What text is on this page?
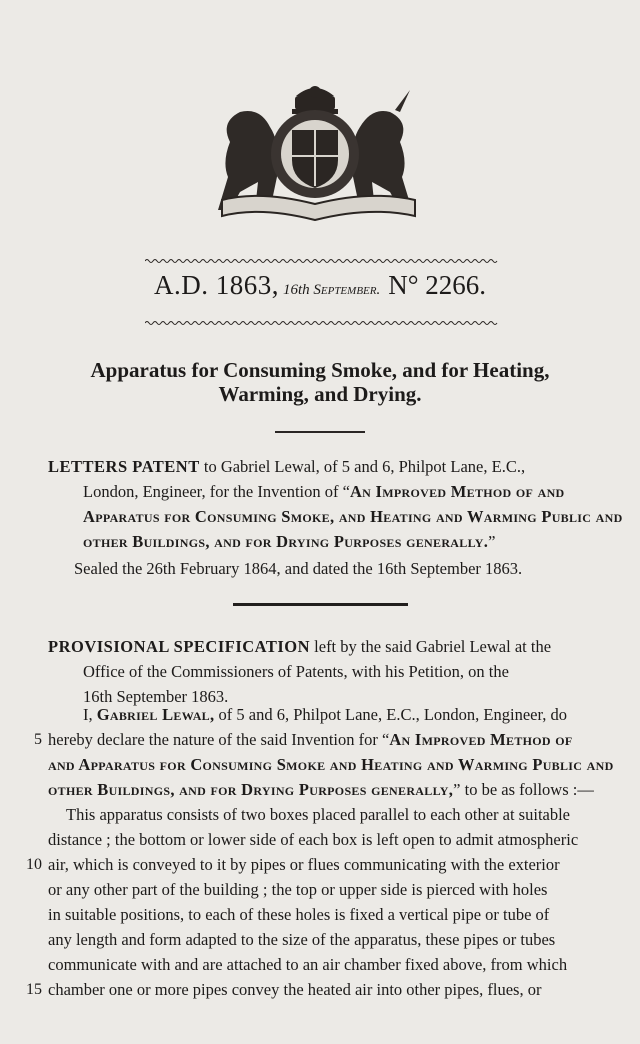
A.D. 1863, 16th September. N° 2266.
Apparatus for Consuming Smoke, and for Heating,
Warming, and Drying.
LETTERS PATENT to Gabriel Lewal, of 5 and 6, Philpot Lane, E.C.,
London, Engineer, for the Invention of “An Improved Method of and
Apparatus for Consuming Smoke, and Heating and Warming Public and
other Buildings, and for Drying Purposes generally.”
Sealed the 26th February 1864, and dated the 16th September 1863.
PROVISIONAL SPECIFICATION left by the said Gabriel Lewal at the
Office of the Commissioners of Patents, with his Petition, on the
16th September 1863.
I, Gabriel Lewal, of 5 and 6, Philpot Lane, E.C., London, Engineer, do
5 hereby declare the nature of the said Invention for “An Improved Method of
and Apparatus for Consuming Smoke and Heating and Warming Public and
other Buildings, and for Drying Purposes generally,” to be as follows :—
This apparatus consists of two boxes placed parallel to each other at suitable
distance ; the bottom or lower side of each box is left open to admit atmospheric
10 air, which is conveyed to it by pipes or flues communicating with the exterior
or any other part of the building ; the top or upper side is pierced with holes
in suitable positions, to each of these holes is fixed a vertical pipe or tube of
any length and form adapted to the size of the apparatus, these pipes or tubes
communicate with and are attached to an air chamber fixed above, from which
15 chamber one or more pipes convey the heated air into other pipes, flues, or
